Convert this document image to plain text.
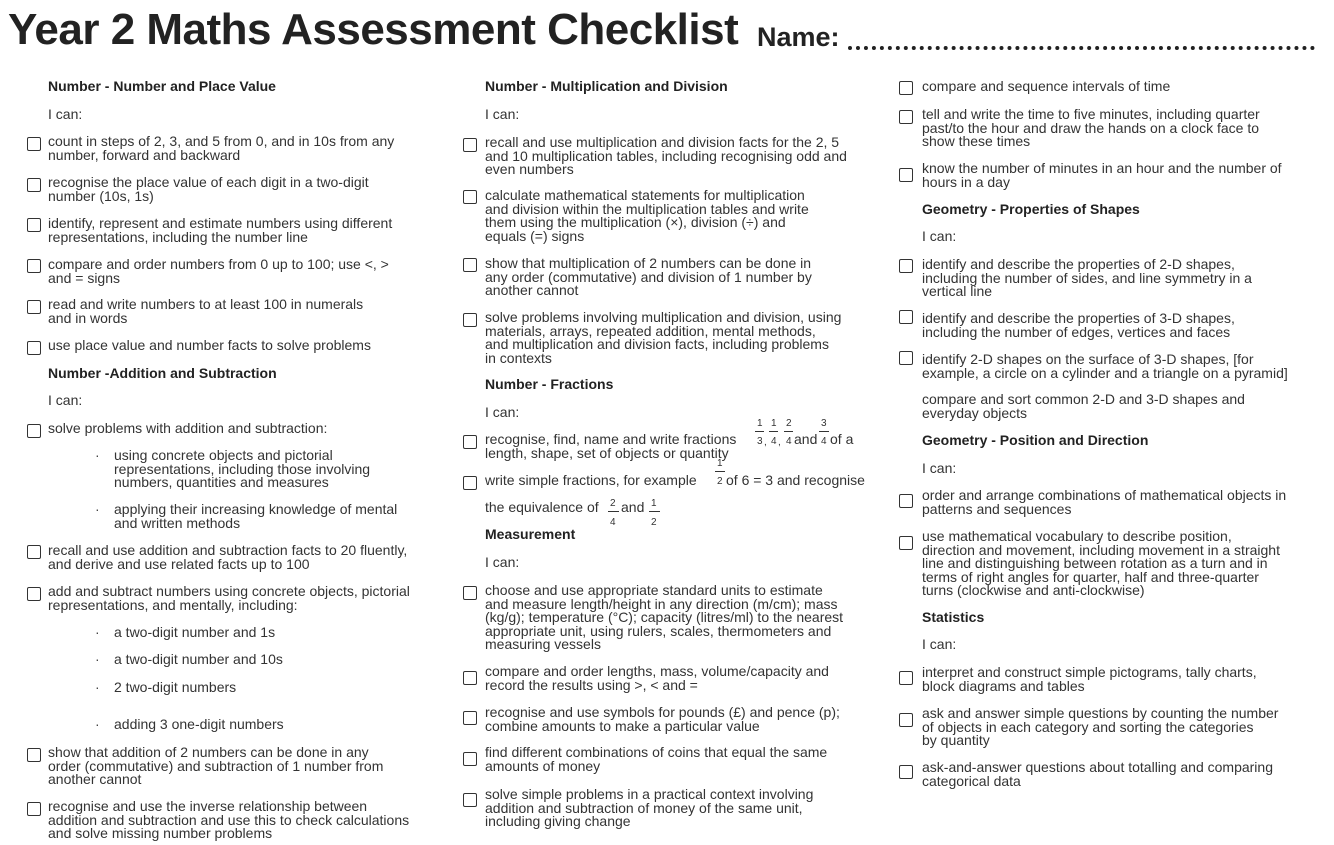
Year 2 Maths Assessment Checklist Name:
Number - Number and Place Value
I can:
count in steps of 2, 3, and 5 from 0, and in 10s from any
number, forward and backward
recognise the place value of each digit in a two-digit
number (10s, 1s)
identify, represent and estimate numbers using different
representations, including the number line
compare and order numbers from 0 up to 100; use <, >
and = signs
read and write numbers to at least 100 in numerals
and in words
use place value and number facts to solve problems
Number -Addition and Subtraction
I can:
solve problems with addition and subtraction:
· using concrete objects and pictorial
representations, including those involving
numbers, quantities and measures
· applying their increasing knowledge of mental
and written methods
recall and use addition and subtraction facts to 20 fluently,
and derive and use related facts up to 100
add and subtract numbers using concrete objects, pictorial
representations, and mentally, including:
· a two-digit number and 1s
· a two-digit number and 10s
· 2 two-digit numbers
· adding 3 one-digit numbers
show that addition of 2 numbers can be done in any
order (commutative) and subtraction of 1 number from
another cannot
recognise and use the inverse relationship between
addition and subtraction and use this to check calculations
and solve missing number problems
Number - Multiplication and Division
I can:
recall and use multiplication and division facts for the 2, 5
and 10 multiplication tables, including recognising odd and
even numbers
calculate mathematical statements for multiplication
and division within the multiplication tables and write
them using the multiplication (×), division (÷) and
equals (=) signs
show that multiplication of 2 numbers can be done in
any order (commutative) and division of 1 number by
another cannot
solve problems involving multiplication and division, using
materials, arrays, repeated addition, mental methods,
and multiplication and division facts, including problems
in contexts
Number - Fractions
I can:
recognise, find, name and write fractions
1
3 ,
1
4 ,
2
4 and
3
4 of a
length, shape, set of objects or quantity
write simple fractions, for example
1
2 of 6 = 3 and recognise
the equivalence of 2
4
and 1
2
Measurement
I can:
choose and use appropriate standard units to estimate
and measure length/height in any direction (m/cm); mass
(kg/g); temperature (°C); capacity (litres/ml) to the nearest
appropriate unit, using rulers, scales, thermometers and
measuring vessels
compare and order lengths, mass, volume/capacity and
record the results using >, < and =
recognise and use symbols for pounds (£) and pence (p);
combine amounts to make a particular value
find different combinations of coins that equal the same
amounts of money
solve simple problems in a practical context involving
addition and subtraction of money of the same unit,
including giving change
compare and sequence intervals of time
tell and write the time to five minutes, including quarter
past/to the hour and draw the hands on a clock face to
show these times
know the number of minutes in an hour and the number of
hours in a day
Geometry - Properties of Shapes
I can:
identify and describe the properties of 2-D shapes,
including the number of sides, and line symmetry in a
vertical line
identify and describe the properties of 3-D shapes,
including the number of edges, vertices and faces
identify 2-D shapes on the surface of 3-D shapes, [for
example, a circle on a cylinder and a triangle on a pyramid]
compare and sort common 2-D and 3-D shapes and
everyday objects
Geometry - Position and Direction
I can:
order and arrange combinations of mathematical objects in
patterns and sequences
use mathematical vocabulary to describe position,
direction and movement, including movement in a straight
line and distinguishing between rotation as a turn and in
terms of right angles for quarter, half and three-quarter
turns (clockwise and anti-clockwise)
Statistics
I can:
interpret and construct simple pictograms, tally charts,
block diagrams and tables
ask and answer simple questions by counting the number
of objects in each category and sorting the categories
by quantity
ask-and-answer questions about totalling and comparing
categorical data
